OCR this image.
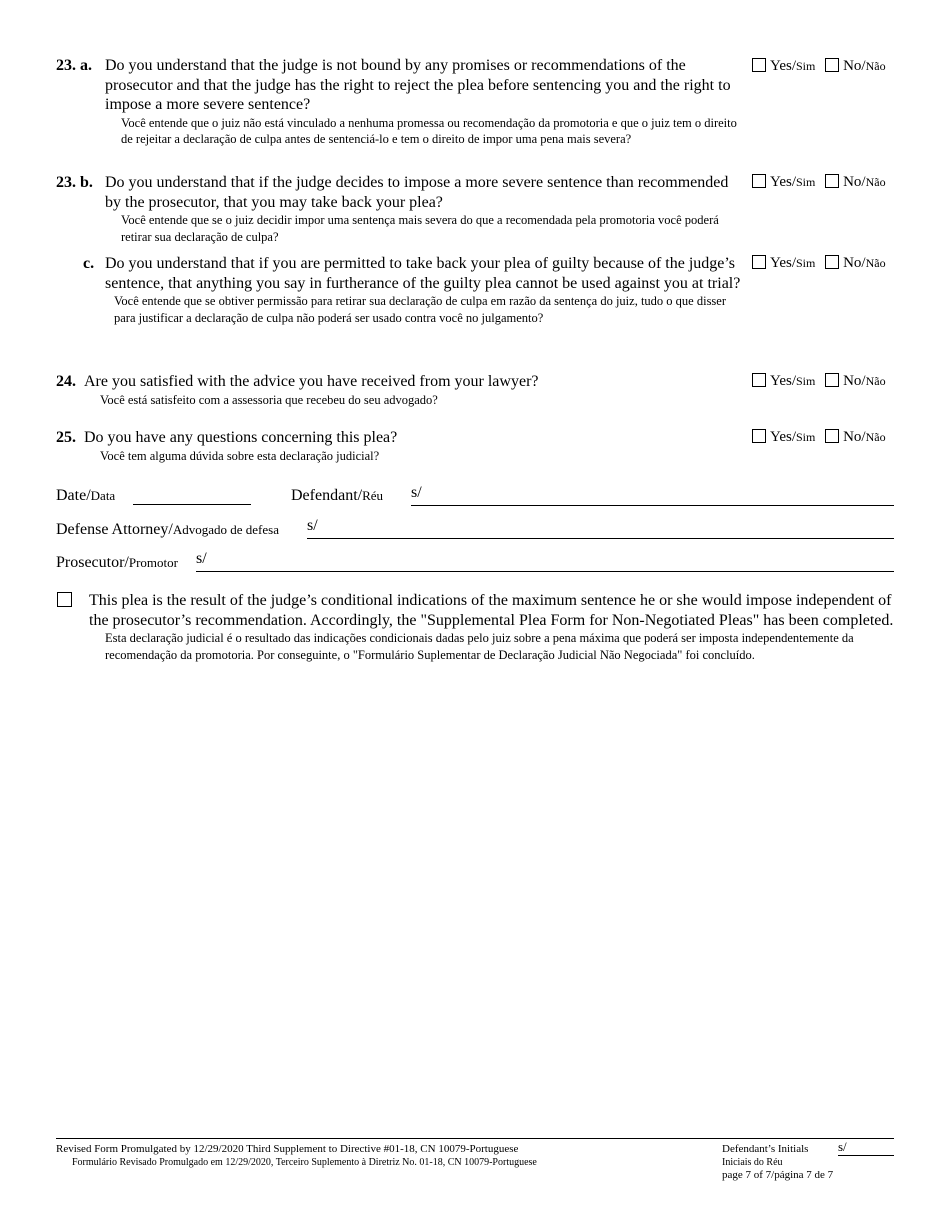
23. a. Do you understand that the judge is not bound by any promises or recommendations of the prosecutor and that the judge has the right to reject the plea before sentencing you and the right to impose a more severe sentence?
Você entende que o juiz não está vinculado a nenhuma promessa ou recomendação da promotoria e que o juiz tem o direito de rejeitar a declaração de culpa antes de sentenciá-lo e tem o direito de impor uma pena mais severa?
Yes/Sim No/Não
23. b. Do you understand that if the judge decides to impose a more severe sentence than recommended by the prosecutor, that you may take back your plea?
Você entende que se o juiz decidir impor uma sentença mais severa do que a recomendada pela promotoria você poderá retirar sua declaração de culpa?
Yes/Sim No/Não
c. Do you understand that if you are permitted to take back your plea of guilty because of the judge’s sentence, that anything you say in furtherance of the guilty plea cannot be used against you at trial?
Você entende que se obtiver permissão para retirar sua declaração de culpa em razão da sentença do juiz, tudo o que disser para justificar a declaração de culpa não poderá ser usado contra você no julgamento?
Yes/Sim No/Não
24. Are you satisfied with the advice you have received from your lawyer?
Você está satisfeito com a assessoria que recebeu do seu advogado?
Yes/Sim No/Não
25. Do you have any questions concerning this plea?
Você tem alguma dúvida sobre esta declaração judicial?
Yes/Sim No/Não
Date/Data	Defendant/Réu s/
Defense Attorney/Advogado de defesa s/
Prosecutor/Promotor s/
This plea is the result of the judge’s conditional indications of the maximum sentence he or she would impose independent of the prosecutor’s recommendation. Accordingly, the "Supplemental Plea Form for Non-Negotiated Pleas" has been completed.
Esta declaração judicial é o resultado das indicações condicionais dadas pelo juiz sobre a pena máxima que poderá ser imposta independentemente da recomendação da promotoria. Por conseguinte, o "Formulário Suplementar de Declaração Judicial Não Negociada" foi concluído.
Revised Form Promulgated by 12/29/2020 Third Supplement to Directive #01-18, CN 10079-Portuguese
Formulário Revisado Promulgado em 12/29/2020, Terceiro Suplemento à Diretriz No. 01-18, CN 10079-Portuguese
Defendant’s Initials
Iniciais do Réu
page 7 of 7/página 7 de 7
s/
